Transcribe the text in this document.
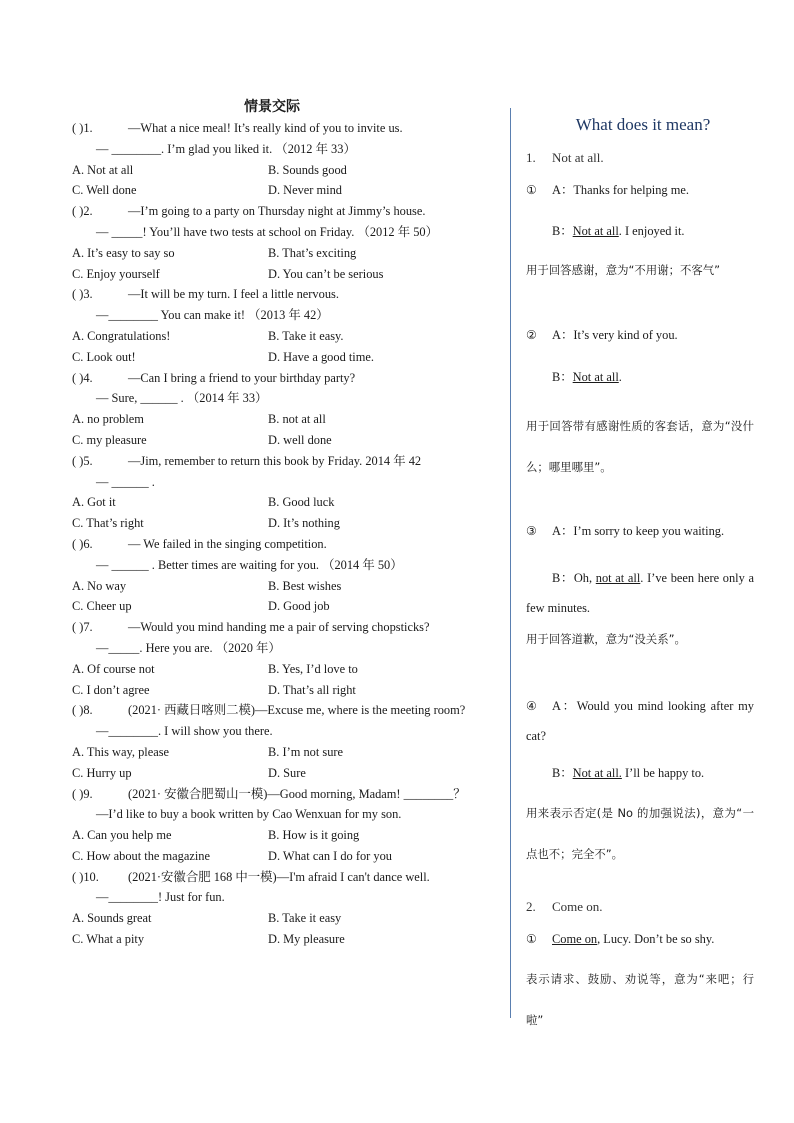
情景交际
( )1.	—What a nice meal! It’s really kind of you to invite us.
— ________. I’m glad you liked it. （2012 年 33）
A. Not at all	B. Sounds good
C. Well done	D. Never mind
( )2.	—I’m going to a party on Thursday night at Jimmy’s house.
— _____! You’ll have two tests at school on Friday. （2012 年 50）
A. It’s easy to say so	B. That’s exciting
C. Enjoy yourself	D. You can’t be serious
( )3.	—It will be my turn. I feel a little nervous.
—________ You can make it! （2013 年 42）
A. Congratulations!	B. Take it easy.
C. Look out!	D. Have a good time.
( )4.	—Can I bring a friend to your birthday party?
— Sure, ______ . （2014 年 33）
A. no problem	B. not at all
C. my pleasure	D. well done
( )5.	—Jim, remember to return this book by Friday. 2014 年 42
— ______ .
A. Got it	B. Good luck
C. That’s right	D. It’s nothing
( )6.	— We failed in the singing competition.
— ______ . Better times are waiting for you. （2014 年 50）
A. No way	B. Best wishes
C. Cheer up	D. Good job
( )7.	—Would you mind handing me a pair of serving chopsticks?
—_____. Here you are. （2020 年）
A. Of course not	B. Yes, I’d love to
C. I don’t agree	D. That’s all right
( )8.	(2021· 西藏日喀则二模)—Excuse me, where is the meeting room?
—________. I will show you there.
A. This way, please	B. I’m not sure
C. Hurry up	D. Sure
( )9.	(2021· 安徽合肥蜀山一模)—Good morning, Madam! ________？
—I’d like to buy a book written by Cao Wenxuan for my son.
A. Can you help me	B. How is it going
C. How about the magazine	D. What can I do for you
( )10.	(2021·安徽合肥 168 中一模)—I'm afraid I can't dance well.
—________! Just for fun.
A. Sounds great	B. Take it easy
C. What a pity	D. My pleasure
What does it mean?
1. Not at all.
① A：Thanks for helping me.
B：Not at all. I enjoyed it.
用于回答感谢，意为“不用谢；不客气”
② A：It’s very kind of you.
B：Not at all.
用于回答带有感谢性质的客套话，意为“没什么；哪里哪里”。
③ A：I’m sorry to keep you waiting.
B：Oh, not at all. I’ve been here only a few minutes.
用于回答道歉，意为“没关系”。
④ A：Would you mind looking after my cat?
B：Not at all. I’ll be happy to.
用来表示否定(是 No 的加强说法)，意为“一点也不；完全不”。
2. Come on.
① Come on, Lucy. Don’t be so shy.
表示请求、鼓励、劝说等，意为“来吧；行啦”
